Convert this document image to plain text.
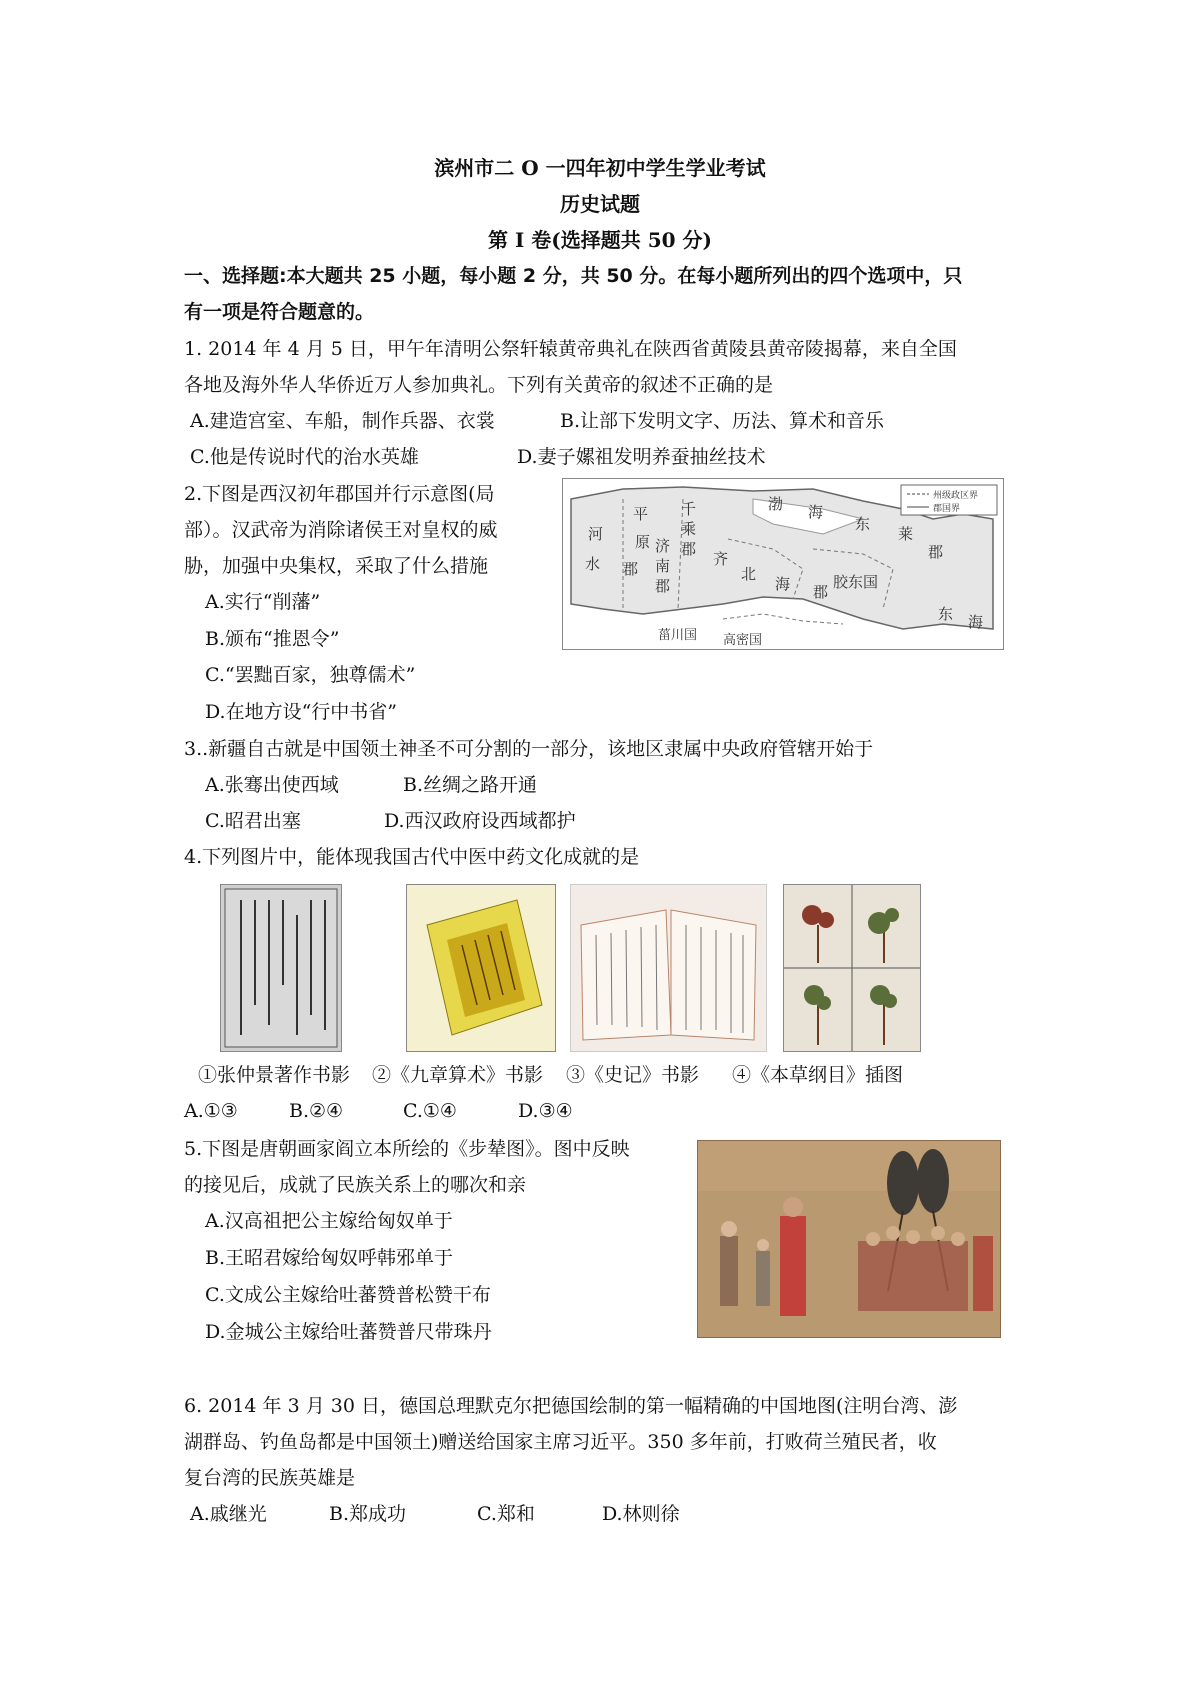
滨州市二 O 一四年初中学生学业考试
历史试题
第 I 卷(选择题共 50 分)
一、选择题:本大题共 25 小题，每小题 2 分，共 50 分。在每小题所列出的四个选项中，只
有一项是符合题意的。
1. 2014 年 4 月 5 日，甲午年清明公祭轩辕黄帝典礼在陕西省黄陵县黄帝陵揭幕，来自全国
各地及海外华人华侨近万人参加典礼。下列有关黄帝的叙述不正确的是
A.建造宫室、车船，制作兵器、衣裳	B.让部下发明文字、历法、算术和音乐
C.他是传说时代的治水英雄	D.妻子嫘祖发明养蚕抽丝技术
2.下图是西汉初年郡国并行示意图(局
部）。汉武帝为消除诸侯王对皇权的威
胁，加强中央集权，采取了什么措施
A.实行“削藩”
B.颁布“推恩令”
C.“罢黜百家，独尊儒术”
D.在地方设“行中书省”
州级政区界
郡国界
平 千
乘
郡
渤 海
东
莱
郡
河 原 济
南
郡
齐
北
海 郡
胶东国
东 海
水 郡
菑川国 高密国
3..新疆自古就是中国领土神圣不可分割的一部分，该地区隶属中央政府管辖开始于
A.张骞出使西域	B.丝绸之路开通
C.昭君出塞	D.西汉政府设西域都护
4.下列图片中，能体现我国古代中医中药文化成就的是
①张仲景著作书影 ②《九章算术》书影 ③《史记》书影 ④《本草纲目》插图
A.①③	B.②④	C.①④	D.③④
5.下图是唐朝画家阎立本所绘的《步辇图》。图中反映
的接见后，成就了民族关系上的哪次和亲
A.汉高祖把公主嫁给匈奴单于
B.王昭君嫁给匈奴呼韩邪单于
C.文成公主嫁给吐蕃赞普松赞干布
D.金城公主嫁给吐蕃赞普尺带珠丹
6. 2014 年 3 月 30 日，德国总理默克尔把德国绘制的第一幅精确的中国地图(注明台湾、澎
湖群岛、钓鱼岛都是中国领土)赠送给国家主席习近平。350 多年前，打败荷兰殖民者，收
复台湾的民族英雄是
A.戚继光	B.郑成功	C.郑和	D.林则徐
